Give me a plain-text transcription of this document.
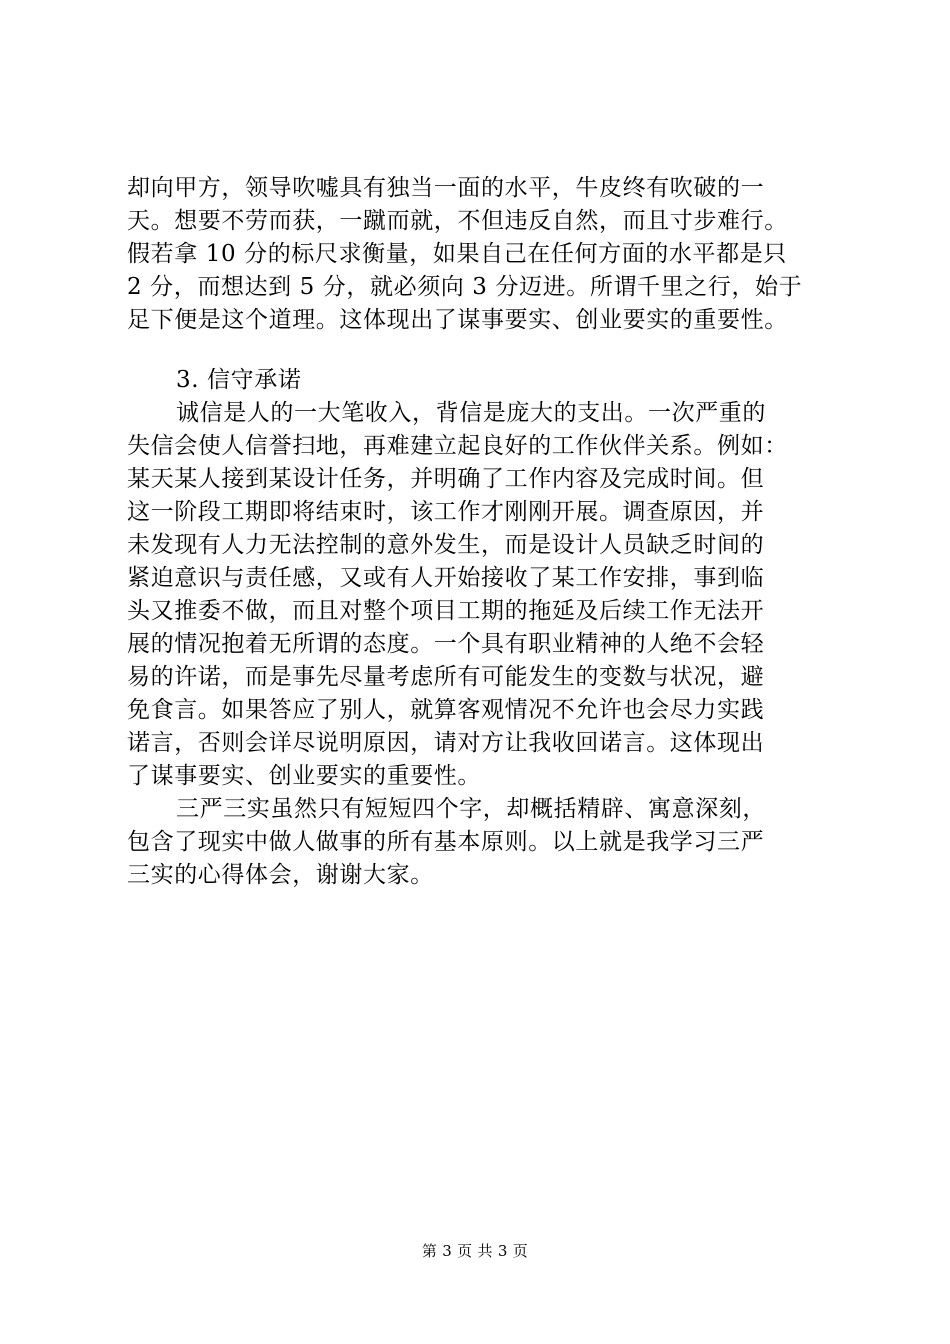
却向甲方，领导吹嘘具有独当一面的水平，牛皮终有吹破的一
天。想要不劳而获，一蹴而就，不但违反自然，而且寸步难行。
假若拿 10 分的标尺求衡量，如果自己在任何方面的水平都是只
2 分，而想达到 5 分，就必须向 3 分迈进。所谓千里之行，始于
足下便是这个道理。这体现出了谋事要实、创业要实的重要性。
3. 信守承诺
诚信是人的一大笔收入，背信是庞大的支出。一次严重的
失信会使人信誉扫地，再难建立起良好的工作伙伴关系。例如：
某天某人接到某设计任务，并明确了工作内容及完成时间。但
这一阶段工期即将结束时，该工作才刚刚开展。调查原因，并
未发现有人力无法控制的意外发生，而是设计人员缺乏时间的
紧迫意识与责任感，又或有人开始接收了某工作安排，事到临
头又推委不做，而且对整个项目工期的拖延及后续工作无法开
展的情况抱着无所谓的态度。一个具有职业精神的人绝不会轻
易的许诺，而是事先尽量考虑所有可能发生的变数与状况，避
免食言。如果答应了别人，就算客观情况不允许也会尽力实践
诺言，否则会详尽说明原因，请对方让我收回诺言。这体现出
了谋事要实、创业要实的重要性。
三严三实虽然只有短短四个字，却概括精辟、寓意深刻，
包含了现实中做人做事的所有基本原则。以上就是我学习三严
三实的心得体会，谢谢大家。
第 3 页 共 3 页
